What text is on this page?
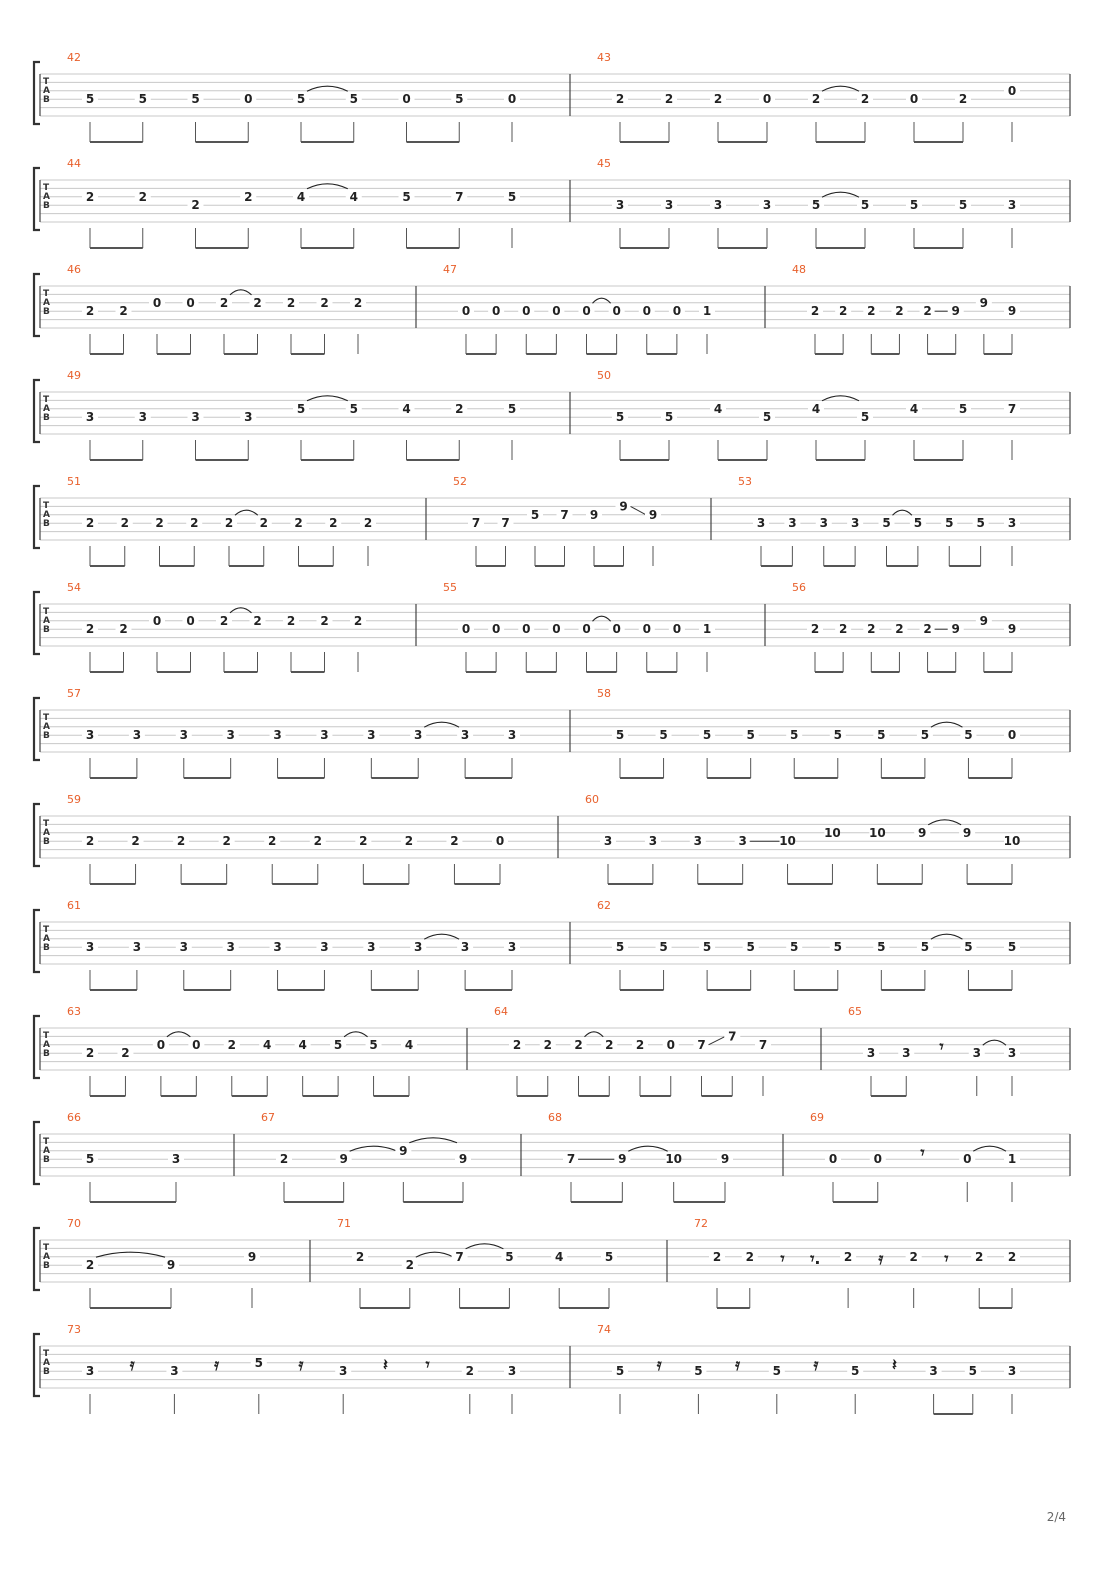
T
A
B
42
5	5	5	0	5	5	0	5	0
43
2	2	2	0	2	2	0	2
0
T
A
B
44
2	2
2
2	4	4	5	7	5
45
3	3	3	3	5	5	5	5	3
T
A
B
46
2 2
0 0 2 2 2 2 2
47
0 0 0 0 0 0 0 0 1
48
2 2 2 2 2 9
9
9
T
A
B
49
3	3	3	3
5	5	4	2	5
50
5	5
4
5
4
5
4	5	7
T
A
B
51
2 2 2 2 2 2 2 2 2
52
7 7
5 7 9
9
9
53
3 3 3 3 5 5 5 5 3
T
A
B
54
2 2
0 0 2 2 2 2 2
55
0 0 0 0 0 0 0 0 1
56
2 2 2 2 2 9
9
9
T
A
B
57
3	3	3	3	3	3	3	3	3	3
58
5	5	5	5	5	5	5	5	5	0
T
A
B
59
2	2	2	2	2	2	2	2	2	0
60
3	3	3	3	10
10 10	9	9
10
T
A
B
61
3	3	3	3	3	3	3	3	3	3
62
5	5	5	5	5	5	5	5	5	5
T
A
B
63
2 2
0 0 2 4 4 5 5 4
64
2 2 2 2 2 0 7
7
7
65
3 3 𝄾 3 3
T
A
B
66
5	3
67
2	9
9
9
68
7	9	10	9
69
0	0 𝄾	0	1
T
A
B
70
2	9
9
71
2
2
7	5	4	5
72
2 2 𝄾 𝄾. 2 𝄿 2 𝄾 2 2
T
A
B
73
3 𝄿	3 𝄿	5 𝄿	3 𝄽 𝄾	2	3
74
5 𝄿	5 𝄿	5 𝄿	5 𝄽	3	5	3
2/4
